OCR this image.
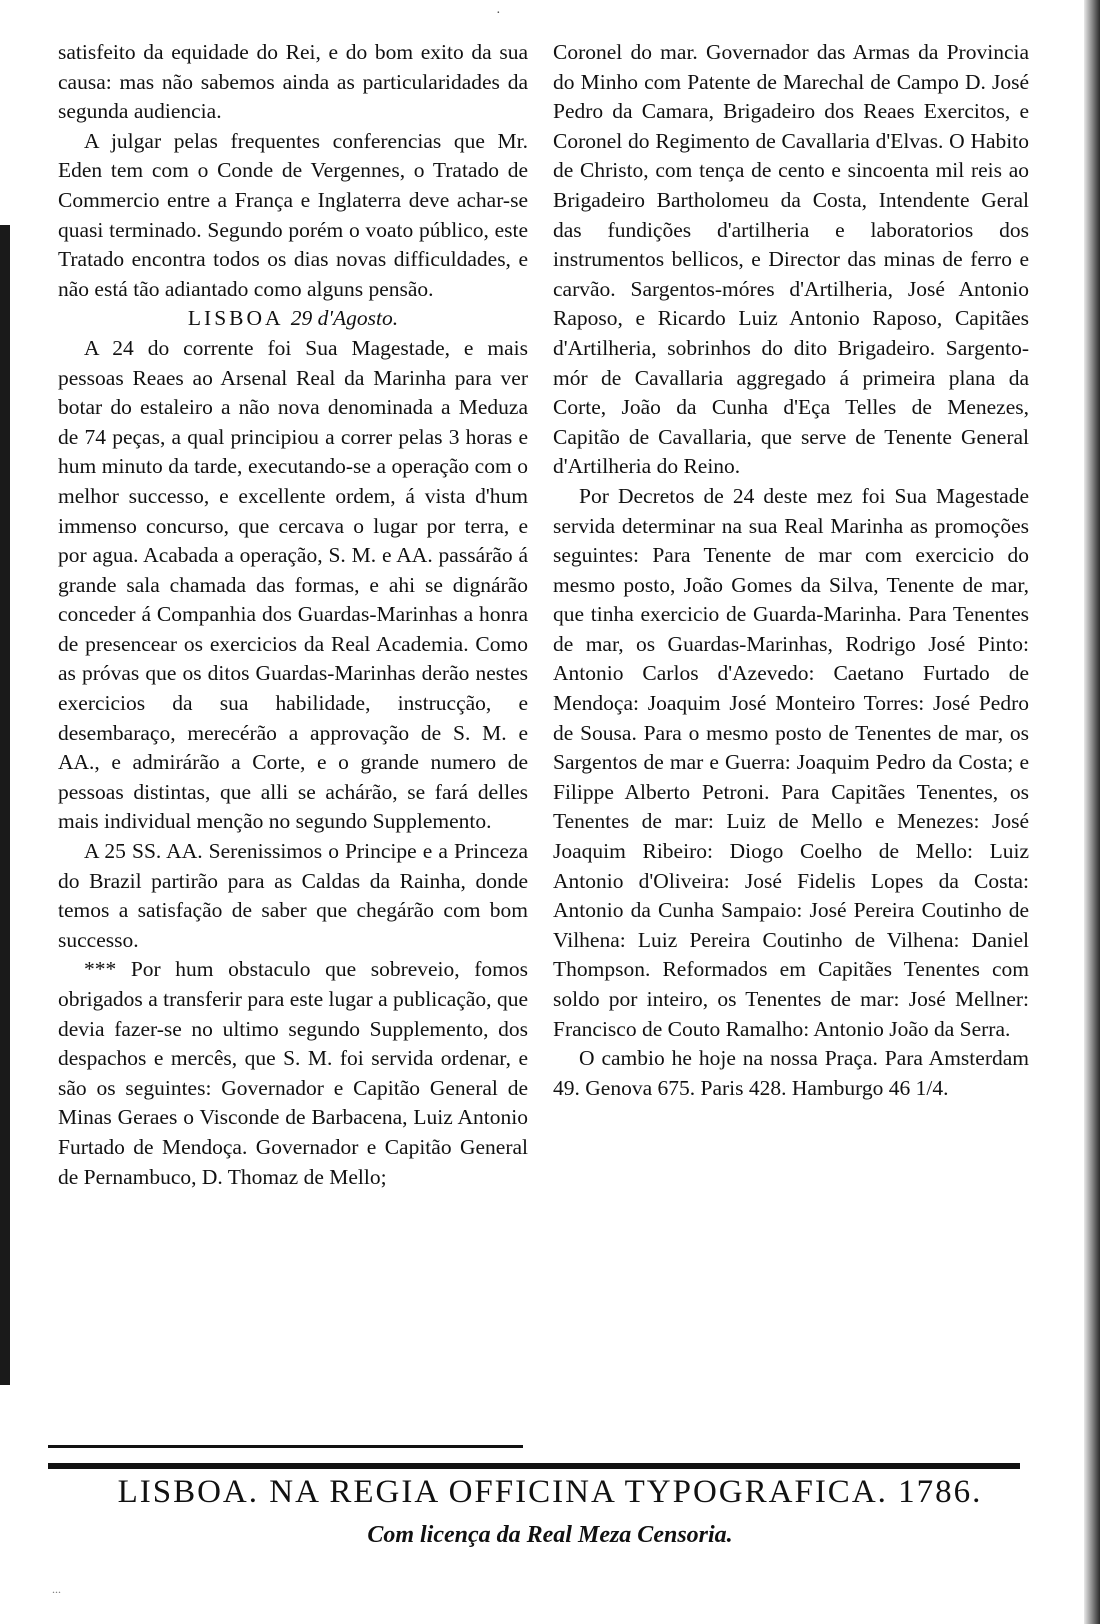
·

satisfeito da equidade do Rei, e do bom exito da sua causa: mas não sabemos ainda as particularidades da segunda audiencia.

A julgar pelas frequentes conferencias que Mr. Eden tem com o Conde de Vergennes, o Tratado de Commercio entre a França e Inglaterra deve achar-se quasi terminado. Segundo porém o voato público, este Tratado encontra todos os dias novas difficuldades, e não está tão adiantado como alguns pensão.

LISBOA 29 d'Agosto.

A 24 do corrente foi Sua Magestade, e mais pessoas Reaes ao Arsenal Real da Marinha para ver botar do estaleiro a não nova denominada a Meduza de 74 peças, a qual principiou a correr pelas 3 horas e hum minuto da tarde, executando-se a operação com o melhor successo, e excellente ordem, á vista d'hum immenso concurso, que cercava o lugar por terra, e por agua. Acabada a operação, S. M. e AA. passárão á grande sala chamada das formas, e ahi se dignárão conceder á Companhia dos Guardas-Marinhas a honra de presencear os exercicios da Real Academia. Como as próvas que os ditos Guardas-Marinhas derão nestes exercicios da sua habilidade, instrucção, e desembaraço, merecérão a approvação de S. M. e AA., e admirárão a Corte, e o grande numero de pessoas distintas, que alli se achárão, se fará delles mais individual menção no segundo Supplemento.

A 25 SS. AA. Serenissimos o Principe e a Princeza do Brazil partirão para as Caldas da Rainha, donde temos a satisfação de saber que chegárão com bom successo.

*** Por hum obstaculo que sobreveio, fomos obrigados a transferir para este lugar a publicação, que devia fazer-se no ultimo segundo Supplemento, dos despachos e mercês, que S. M. foi servida ordenar, e são os seguintes: Governador e Capitão General de Minas Geraes o Visconde de Barbacena, Luiz Antonio Furtado de Mendoça. Governador e Capitão General de Pernambuco, D. Thomaz de Mello;

Coronel do mar. Governador das Armas da Provincia do Minho com Patente de Marechal de Campo D. José Pedro da Camara, Brigadeiro dos Reaes Exercitos, e Coronel do Regimento de Cavallaria d'Elvas. O Habito de Christo, com tença de cento e sincoenta mil reis ao Brigadeiro Bartholomeu da Costa, Intendente Geral das fundições d'artilheria e laboratorios dos instrumentos bellicos, e Director das minas de ferro e carvão. Sargentos-móres d'Artilheria, José Antonio Raposo, e Ricardo Luiz Antonio Raposo, Capitães d'Artilheria, sobrinhos do dito Brigadeiro. Sargento-mór de Cavallaria aggregado á primeira plana da Corte, João da Cunha d'Eça Telles de Menezes, Capitão de Cavallaria, que serve de Tenente General d'Artilheria do Reino.

Por Decretos de 24 deste mez foi Sua Magestade servida determinar na sua Real Marinha as promoções seguintes: Para Tenente de mar com exercicio do mesmo posto, João Gomes da Silva, Tenente de mar, que tinha exercicio de Guarda-Marinha. Para Tenentes de mar, os Guardas-Marinhas, Rodrigo José Pinto: Antonio Carlos d'Azevedo: Caetano Furtado de Mendoça: Joaquim José Monteiro Torres: José Pedro de Sousa. Para o mesmo posto de Tenentes de mar, os Sargentos de mar e Guerra: Joaquim Pedro da Costa; e Filippe Alberto Petroni. Para Capitães Tenentes, os Tenentes de mar: Luiz de Mello e Menezes: José Joaquim Ribeiro: Diogo Coelho de Mello: Luiz Antonio d'Oliveira: José Fidelis Lopes da Costa: Antonio da Cunha Sampaio: José Pereira Coutinho de Vilhena: Luiz Pereira Coutinho de Vilhena: Daniel Thompson. Reformados em Capitães Tenentes com soldo por inteiro, os Tenentes de mar: José Mellner: Francisco de Couto Ramalho: Antonio João da Serra.

O cambio he hoje na nossa Praça. Para Amsterdam 49. Genova 675. Paris 428. Hamburgo 46 1/4.

LISBOA. NA REGIA OFFICINA TYPOGRAFICA. 1786.
Com licença da Real Meza Censoria.
...
